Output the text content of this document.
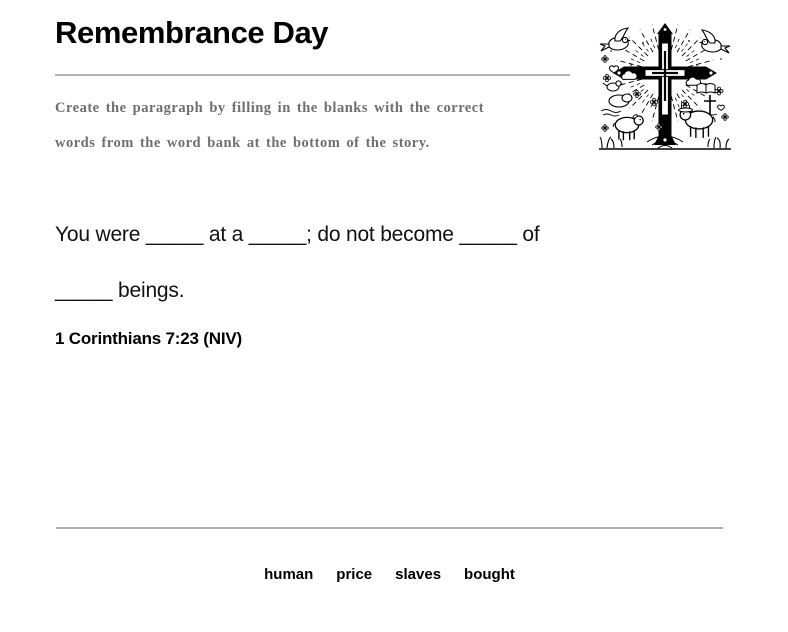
Remembrance Day
Create the paragraph by filling in the blanks with the correct
words from the word bank at the bottom of the story.
You were _____ at a _____; do not become _____ of
_____ beings.
1 Corinthians 7:23 (NIV)
human price slaves bought
